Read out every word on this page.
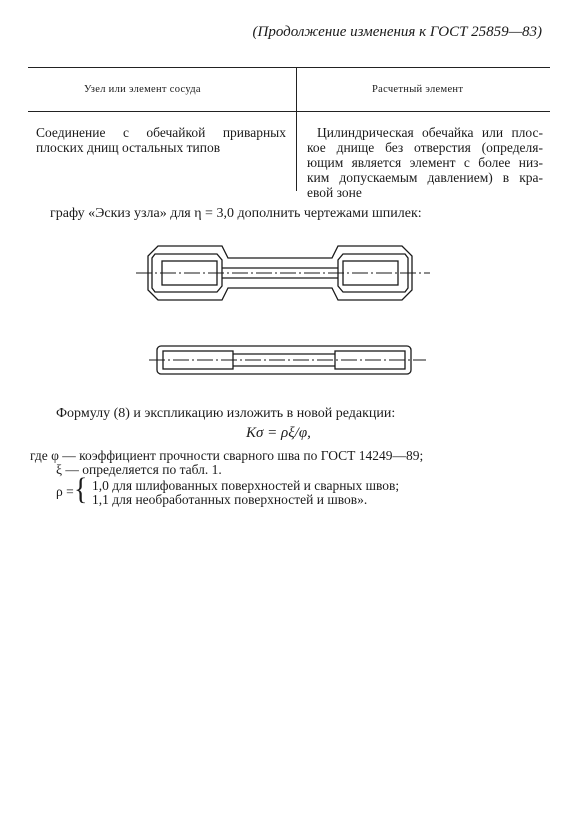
(Продолжение изменения к ГОСТ 25859—83)
Узел или элемент сосуда	Расчетный элемент
Соединение с обечайкой приварных
плоских днищ остальных типов
Цилиндрическая обечайка или плос-
кое днище без отверстия (определя-
ющим является элемент с более низ-
ким допускаемым давлением) в кра-
евой зоне
графу «Эскиз узла» для η = 3,0 дополнить чертежами шпилек:
Формулу (8) и экспликацию изложить в новой редакции:
Kσ = ρξ/φ,
где φ — коэффициент прочности сварного шва по ГОСТ 14249—89;
ξ — определяется по табл. 1.
ρ = { 1,0 для шлифованных поверхностей и сварных швов;
1,1 для необработанных поверхностей и швов».
